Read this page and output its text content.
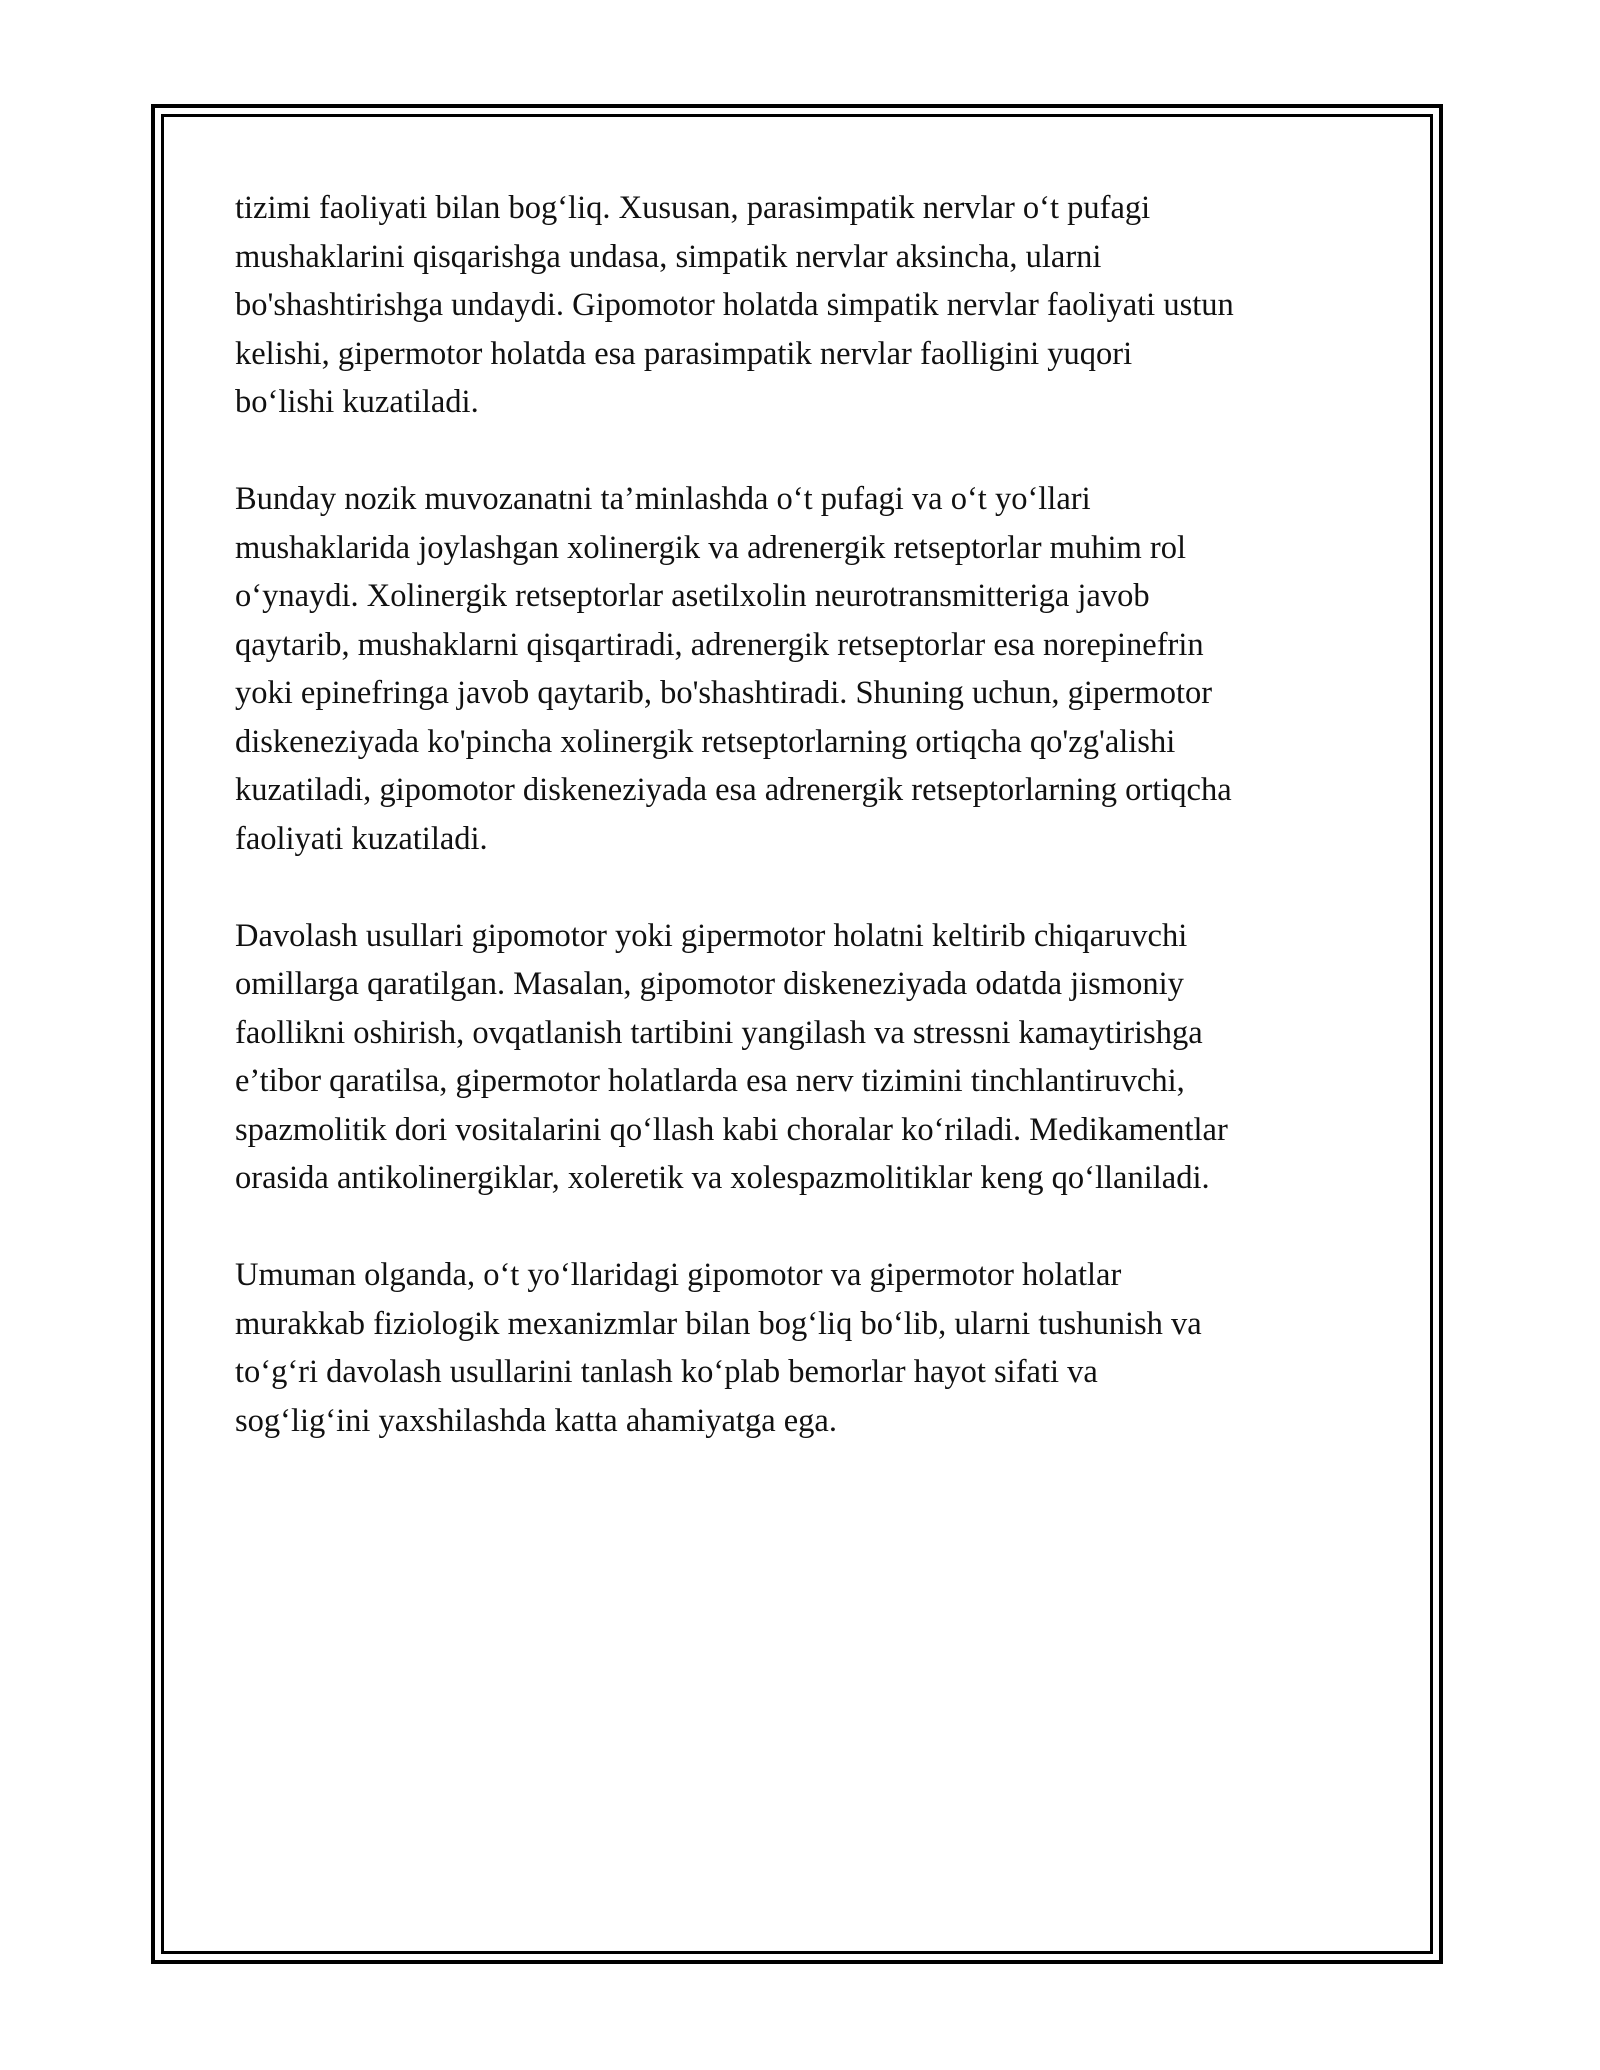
tizimi faoliyati bilan bog‘liq. Xususan, parasimpatik nervlar o‘t pufagi
mushaklarini qisqarishga undasa, simpatik nervlar aksincha, ularni
bo'shashtirishga undaydi. Gipomotor holatda simpatik nervlar faoliyati ustun
kelishi, gipermotor holatda esa parasimpatik nervlar faolligini yuqori
bo‘lishi kuzatiladi.

Bunday nozik muvozanatni ta’minlashda o‘t pufagi va o‘t yo‘llari
mushaklarida joylashgan xolinergik va adrenergik retseptorlar muhim rol
o‘ynaydi. Xolinergik retseptorlar asetilxolin neurotransmitteriga javob
qaytarib, mushaklarni qisqartiradi, adrenergik retseptorlar esa norepinefrin
yoki epinefringa javob qaytarib, bo'shashtiradi. Shuning uchun, gipermotor
diskeneziyada ko'pincha xolinergik retseptorlarning ortiqcha qo'zg'alishi
kuzatiladi, gipomotor diskeneziyada esa adrenergik retseptorlarning ortiqcha
faoliyati kuzatiladi.

Davolash usullari gipomotor yoki gipermotor holatni keltirib chiqaruvchi
omillarga qaratilgan. Masalan, gipomotor diskeneziyada odatda jismoniy
faollikni oshirish, ovqatlanish tartibini yangilash va stressni kamaytirishga
e’tibor qaratilsa, gipermotor holatlarda esa nerv tizimini tinchlantiruvchi,
spazmolitik dori vositalarini qo‘llash kabi choralar ko‘riladi. Medikamentlar
orasida antikolinergiklar, xoleretik va xolespazmolitiklar keng qo‘llaniladi.

Umuman olganda, o‘t yo‘llaridagi gipomotor va gipermotor holatlar
murakkab fiziologik mexanizmlar bilan bog‘liq bo‘lib, ularni tushunish va
to‘g‘ri davolash usullarini tanlash ko‘plab bemorlar hayot sifati va
sog‘lig‘ini yaxshilashda katta ahamiyatga ega.
